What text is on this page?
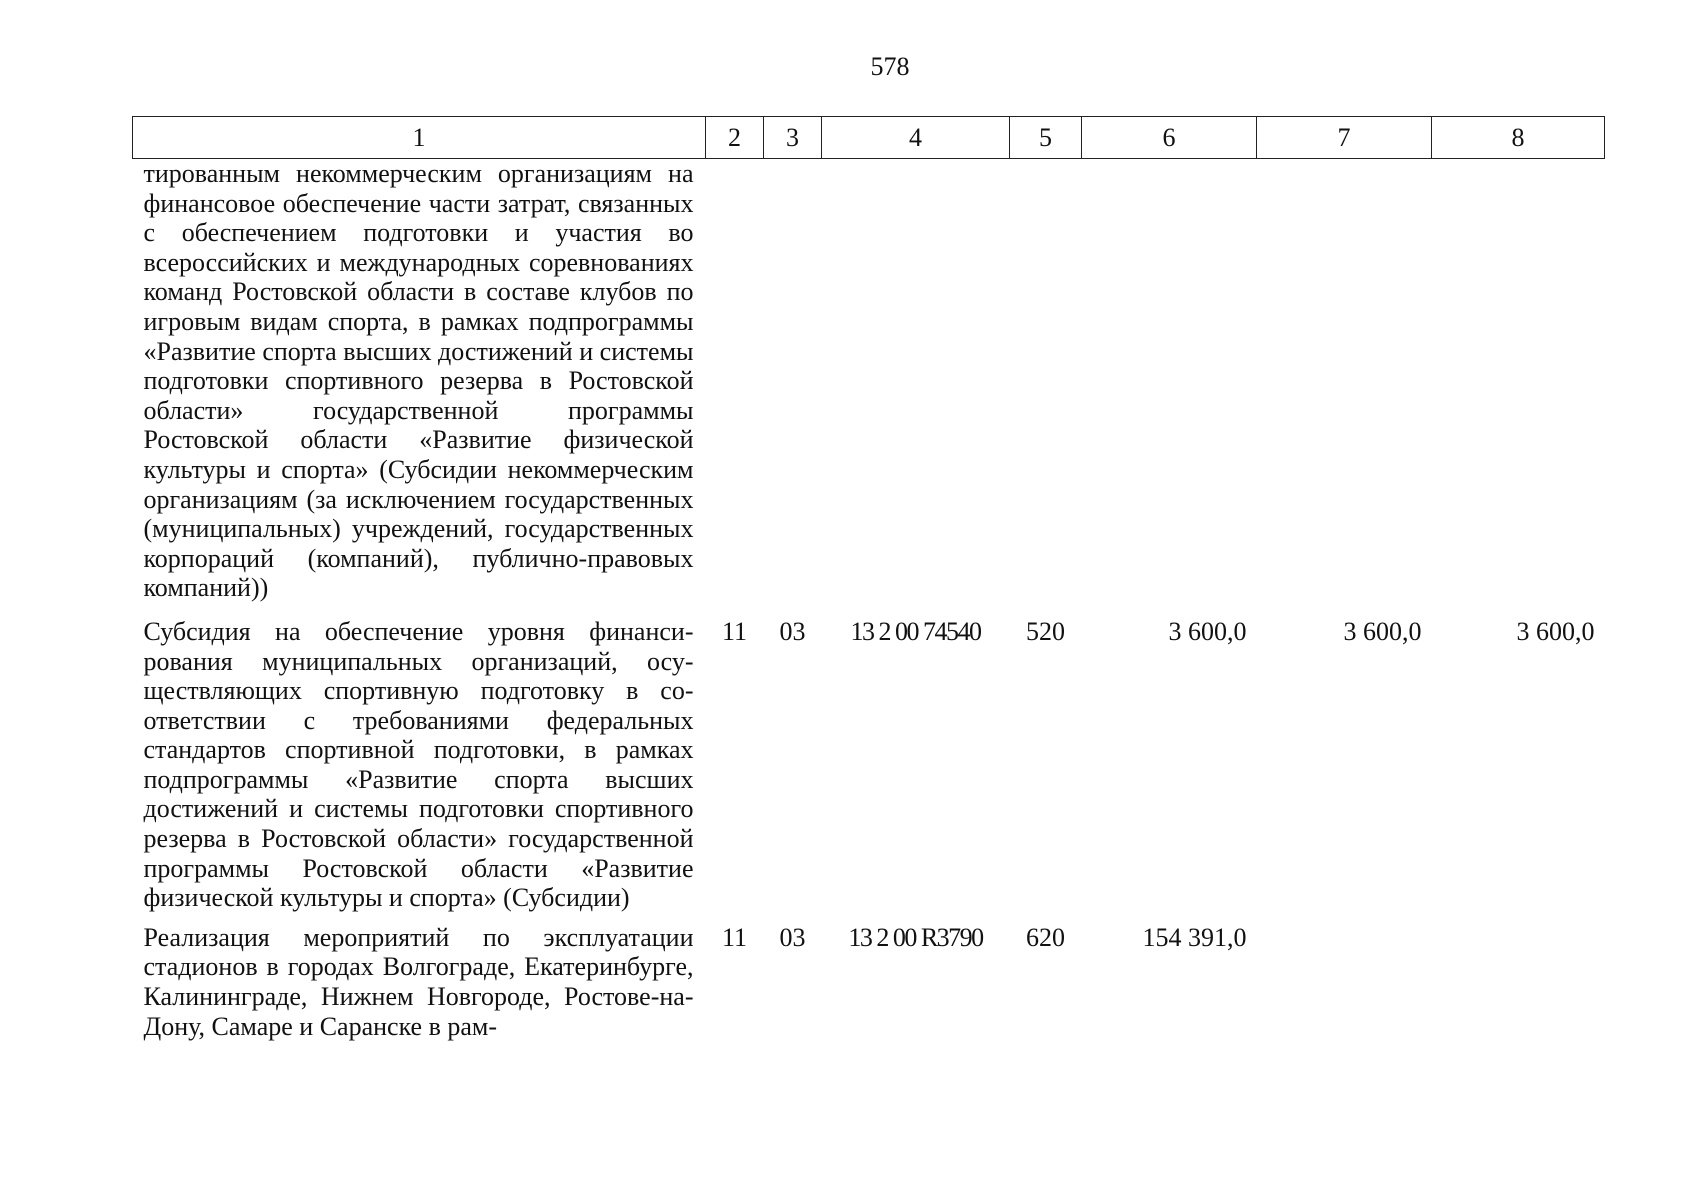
578
1	2	3	4	5	6	7	8
тированным некоммерческим организациям на финансовое обеспечение части затрат, связанных с обеспечением подготовки и участия во всероссийских и международных соревнованиях команд Ростовской области в составе клубов по игровым видам спорта, в рамках подпрограммы «Развитие спорта высших достижений и системы подготовки спортивного резерва в Ростовской области» государственной программы Ростовской области «Развитие физической культуры и спорта» (Субсидии некоммерческим организациям (за исключением государственных (муниципальных) учреждений, государственных корпораций (компаний), публично-правовых компаний))							
Субсидия на обеспечение уровня финансирования муниципальных организаций, осуществляющих спортивную подготовку в соответствии с требованиями федеральных стандартов спортивной подготовки, в рамках подпрограммы «Развитие спорта высших достижений и системы подготовки спортивного резерва в Ростовской области» государственной программы Ростовской области «Развитие физической культуры и спорта» (Субсидии)	11	03	13 2 00 74540	520	3 600,0	3 600,0	3 600,0
Реализация мероприятий по эксплуатации стадионов в городах Волгограде, Екатеринбурге, Калининграде, Нижнем Новгороде, Ростове-на-Дону, Самаре и Саранске в рам-	11	03	13 2 00 R3790	620	154 391,0		
